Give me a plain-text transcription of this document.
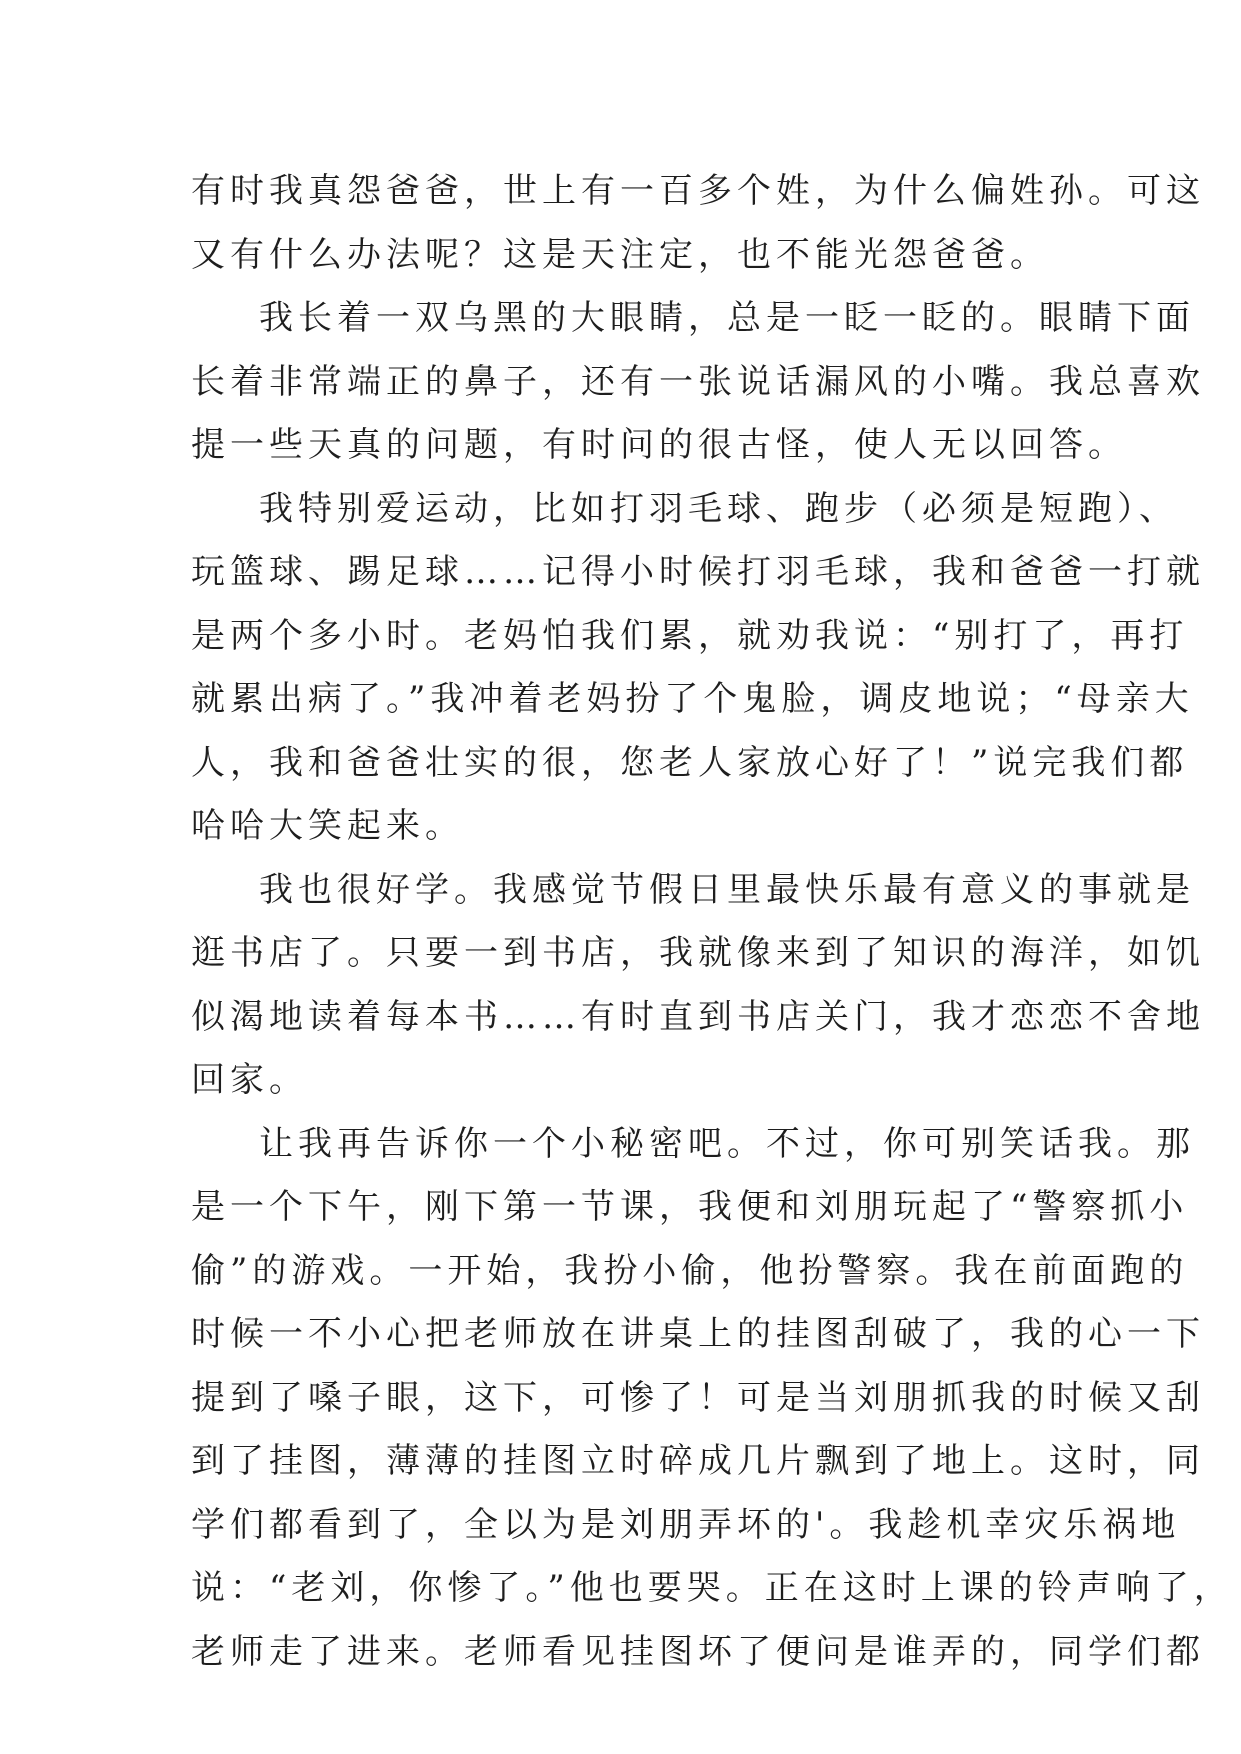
有时我真怨爸爸，世上有一百多个姓，为什么偏姓孙。可这
又有什么办法呢？这是天注定，也不能光怨爸爸。
我长着一双乌黑的大眼睛，总是一眨一眨的。眼睛下面
长着非常端正的鼻子，还有一张说话漏风的小嘴。我总喜欢
提一些天真的问题，有时问的很古怪，使人无以回答。
我特别爱运动，比如打羽毛球、跑步（必须是短跑）、
玩篮球、踢足球……记得小时候打羽毛球，我和爸爸一打就
是两个多小时。老妈怕我们累，就劝我说：“别打了，再打
就累出病了。”我冲着老妈扮了个鬼脸，调皮地说；“母亲大
人，我和爸爸壮实的很，您老人家放心好了！”说完我们都
哈哈大笑起来。
我也很好学。我感觉节假日里最快乐最有意义的事就是
逛书店了。只要一到书店，我就像来到了知识的海洋，如饥
似渴地读着每本书……有时直到书店关门，我才恋恋不舍地
回家。
让我再告诉你一个小秘密吧。不过，你可别笑话我。那
是一个下午，刚下第一节课，我便和刘朋玩起了“警察抓小
偷”的游戏。一开始，我扮小偷，他扮警察。我在前面跑的
时候一不小心把老师放在讲桌上的挂图刮破了，我的心一下
提到了嗓子眼，这下，可惨了！可是当刘朋抓我的时候又刮
到了挂图，薄薄的挂图立时碎成几片飘到了地上。这时，同
学们都看到了，全以为是刘朋弄坏的'。我趁机幸灾乐祸地
说：“老刘，你惨了。”他也要哭。正在这时上课的铃声响了，
老师走了进来。老师看见挂图坏了便问是谁弄的，同学们都
